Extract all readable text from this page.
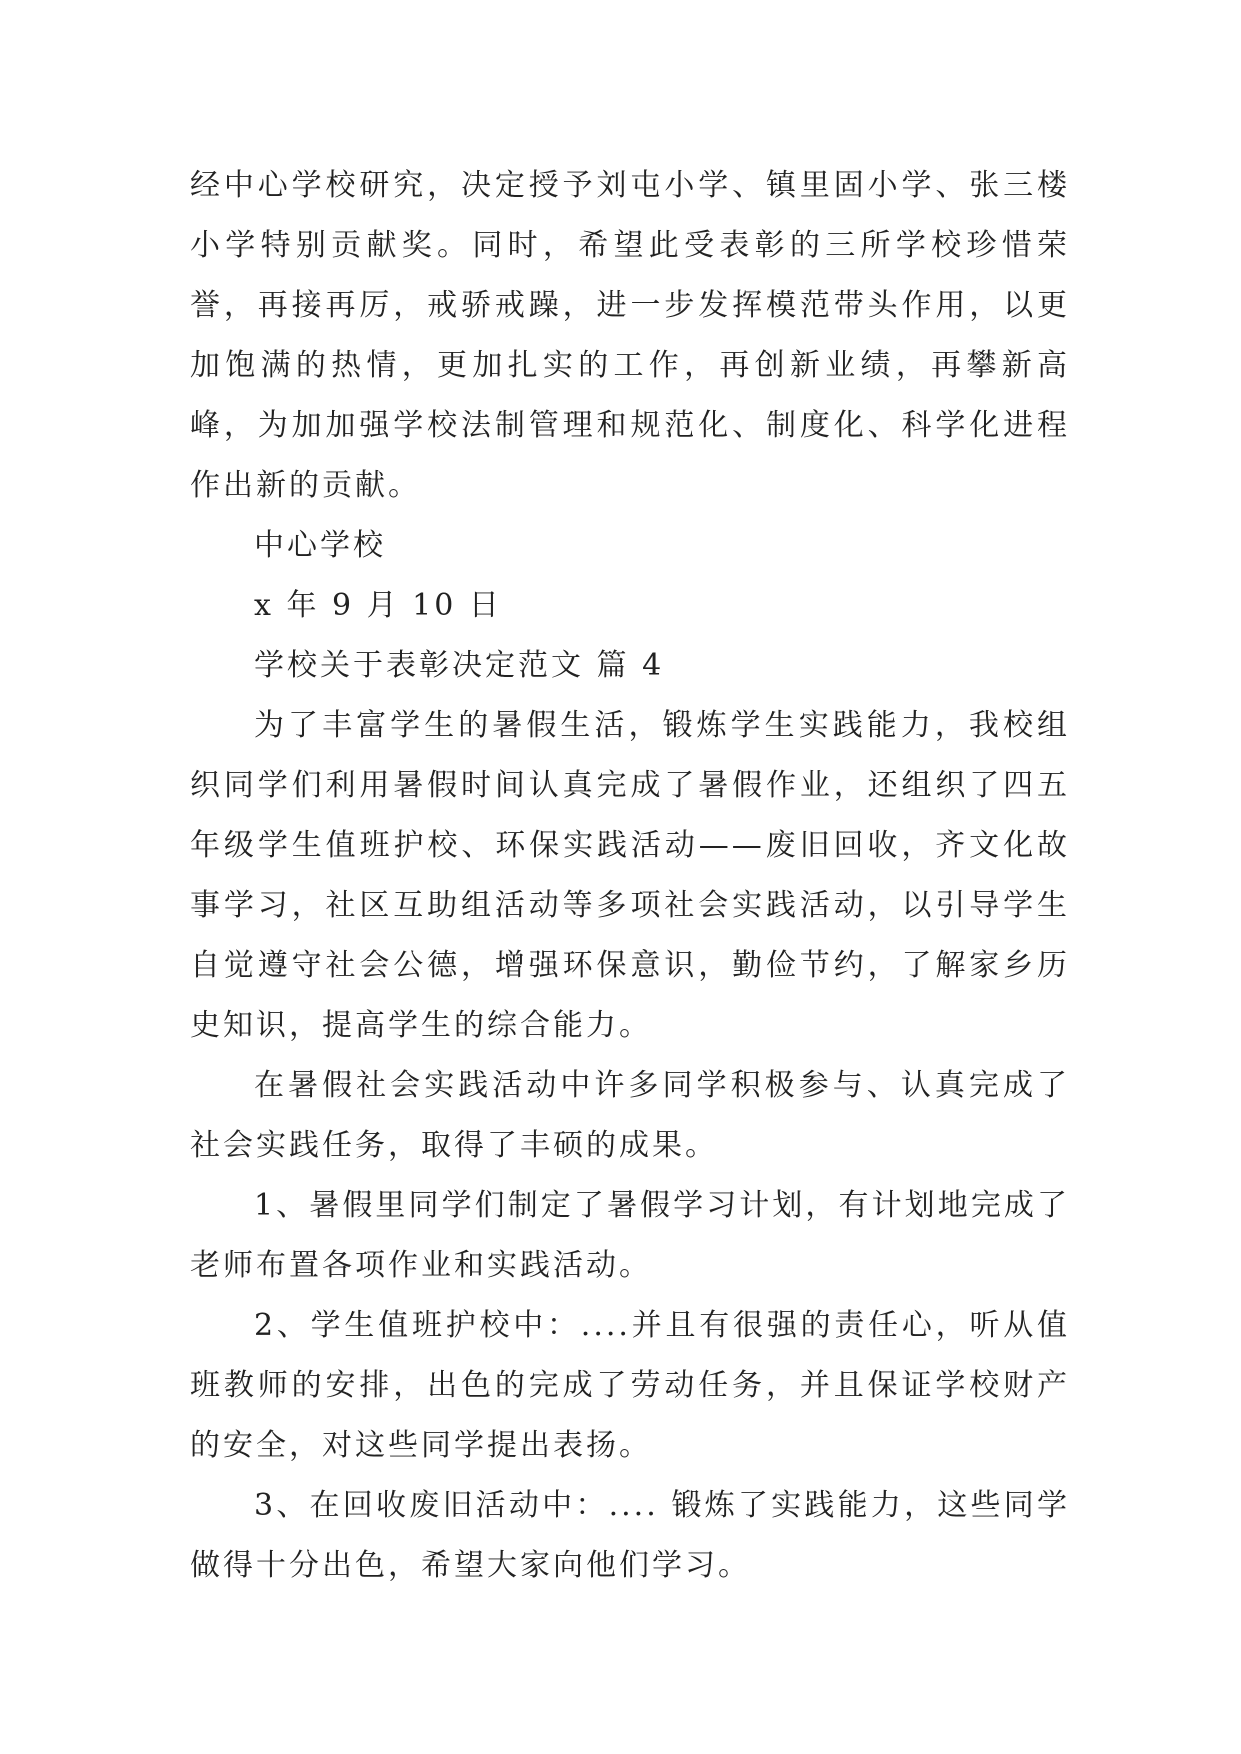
经中心学校研究，决定授予刘屯小学、镇里固小学、张三楼小学特别贡献奖。同时，希望此受表彰的三所学校珍惜荣誉，再接再厉，戒骄戒躁，进一步发挥模范带头作用，以更加饱满的热情，更加扎实的工作，再创新业绩，再攀新高峰，为加加强学校法制管理和规范化、制度化、科学化进程作出新的贡献。

中心学校

x 年 9 月 10 日

学校关于表彰决定范文 篇 4

为了丰富学生的暑假生活，锻炼学生实践能力，我校组织同学们利用暑假时间认真完成了暑假作业，还组织了四五年级学生值班护校、环保实践活动——废旧回收，齐文化故事学习，社区互助组活动等多项社会实践活动，以引导学生自觉遵守社会公德，增强环保意识，勤俭节约，了解家乡历史知识，提高学生的综合能力。

在暑假社会实践活动中许多同学积极参与、认真完成了社会实践任务，取得了丰硕的成果。

1、暑假里同学们制定了暑假学习计划，有计划地完成了老师布置各项作业和实践活动。

2、学生值班护校中：....并且有很强的责任心，听从值班教师的安排，出色的完成了劳动任务，并且保证学校财产的安全，对这些同学提出表扬。

3、在回收废旧活动中：.... 锻炼了实践能力，这些同学做得十分出色，希望大家向他们学习。
